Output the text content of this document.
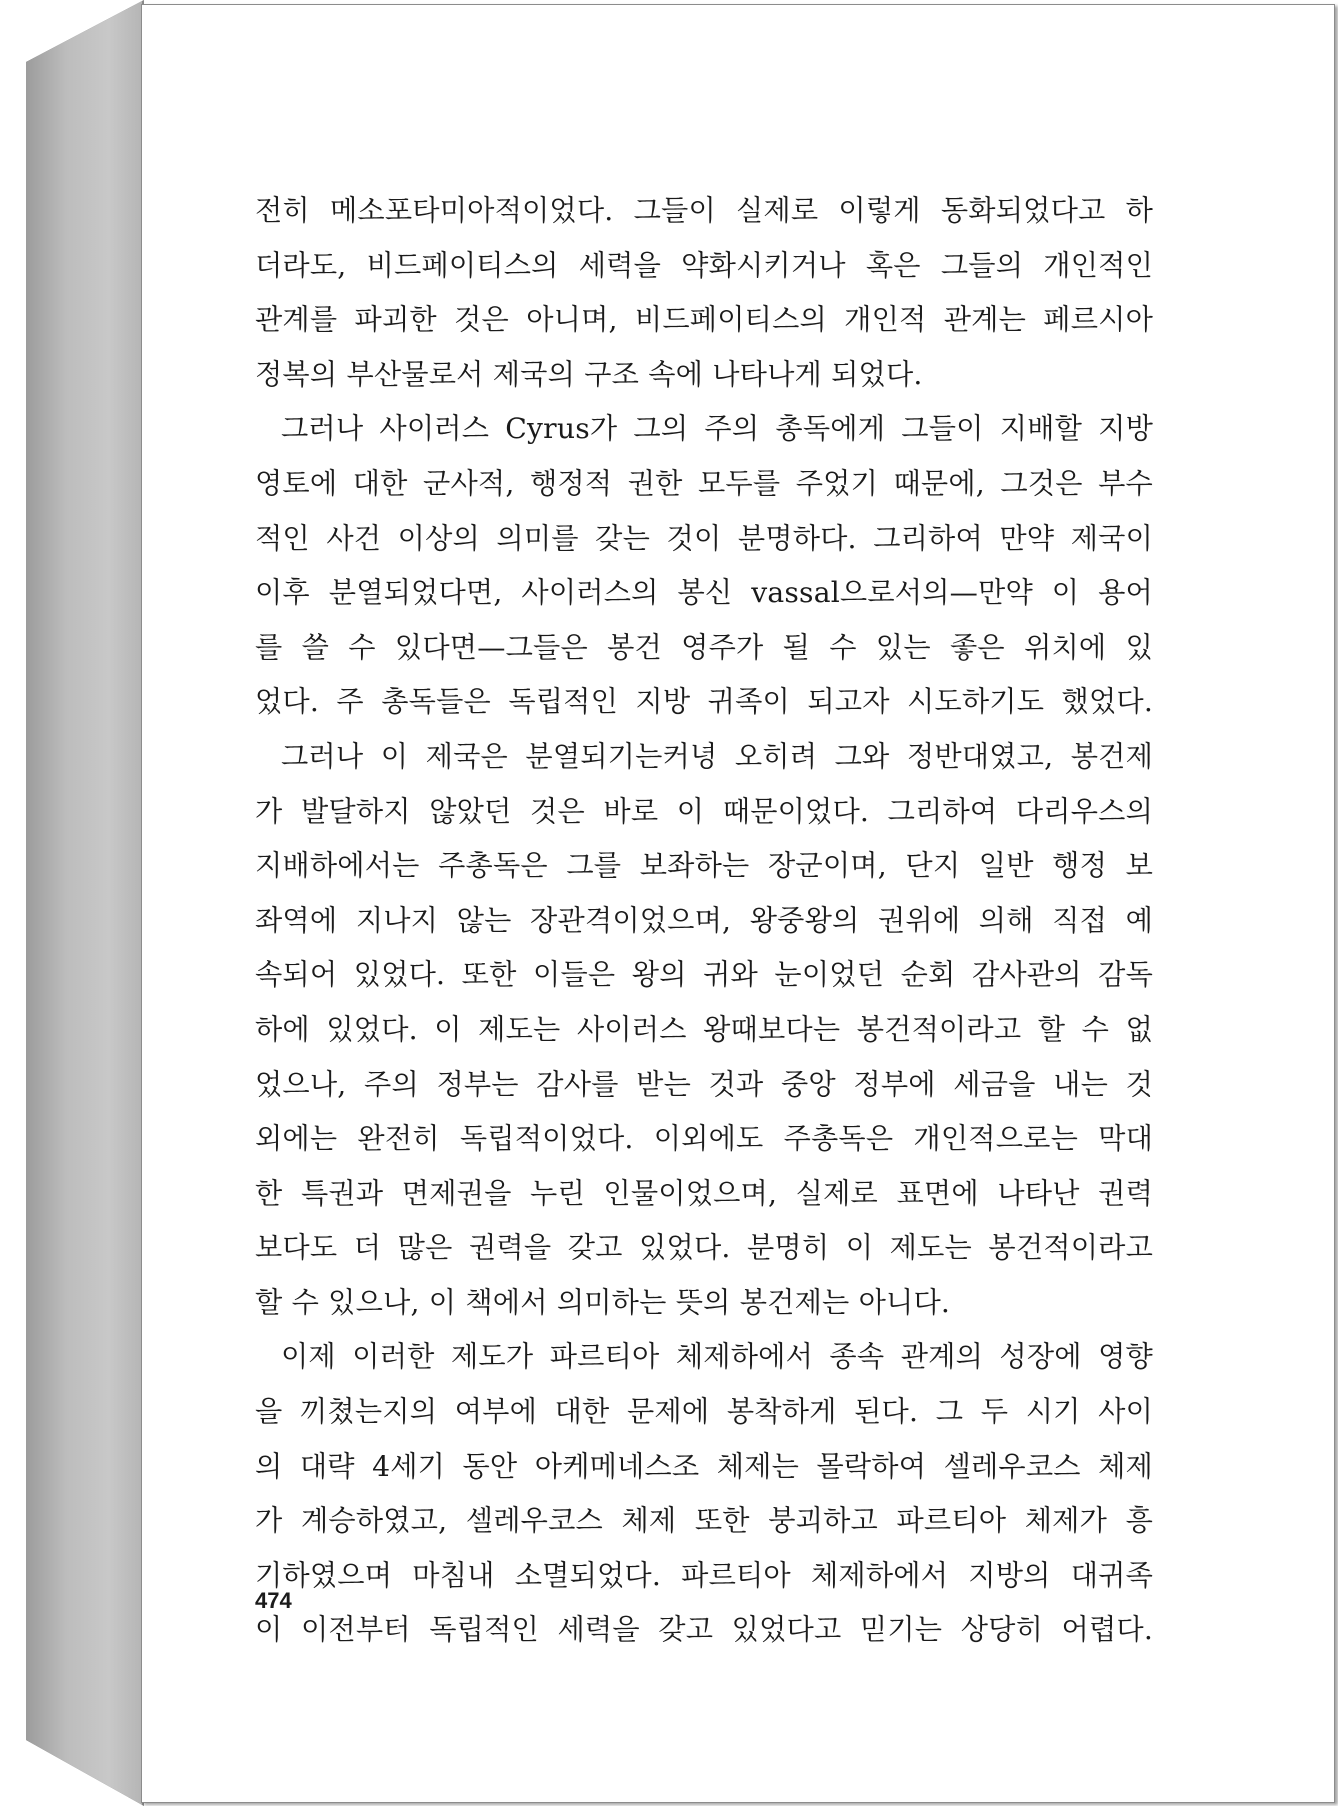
전히 메소포타미아적이었다. 그들이 실제로 이렇게 동화되었다고 하
더라도, 비드페이티스의 세력을 약화시키거나 혹은 그들의 개인적인
관계를 파괴한 것은 아니며, 비드페이티스의 개인적 관계는 페르시아
정복의 부산물로서 제국의 구조 속에 나타나게 되었다.
그러나 사이러스 Cyrus가 그의 주의 총독에게 그들이 지배할 지방
영토에 대한 군사적, 행정적 권한 모두를 주었기 때문에, 그것은 부수
적인 사건 이상의 의미를 갖는 것이 분명하다. 그리하여 만약 제국이
이후 분열되었다면, 사이러스의 봉신 vassal으로서의—만약 이 용어
를 쓸 수 있다면—그들은 봉건 영주가 될 수 있는 좋은 위치에 있
었다. 주 총독들은 독립적인 지방 귀족이 되고자 시도하기도 했었다.
그러나 이 제국은 분열되기는커녕 오히려 그와 정반대였고, 봉건제
가 발달하지 않았던 것은 바로 이 때문이었다. 그리하여 다리우스의
지배하에서는 주총독은 그를 보좌하는 장군이며, 단지 일반 행정 보
좌역에 지나지 않는 장관격이었으며, 왕중왕의 권위에 의해 직접 예
속되어 있었다. 또한 이들은 왕의 귀와 눈이었던 순회 감사관의 감독
하에 있었다. 이 제도는 사이러스 왕때보다는 봉건적이라고 할 수 없
었으나, 주의 정부는 감사를 받는 것과 중앙 정부에 세금을 내는 것
외에는 완전히 독립적이었다. 이외에도 주총독은 개인적으로는 막대
한 특권과 면제권을 누린 인물이었으며, 실제로 표면에 나타난 권력
보다도 더 많은 권력을 갖고 있었다. 분명히 이 제도는 봉건적이라고
할 수 있으나, 이 책에서 의미하는 뜻의 봉건제는 아니다.
이제 이러한 제도가 파르티아 체제하에서 종속 관계의 성장에 영향
을 끼쳤는지의 여부에 대한 문제에 봉착하게 된다. 그 두 시기 사이
의 대략 4세기 동안 아케메네스조 체제는 몰락하여 셀레우코스 체제
가 계승하였고, 셀레우코스 체제 또한 붕괴하고 파르티아 체제가 흥
기하였으며 마침내 소멸되었다. 파르티아 체제하에서 지방의 대귀족
이 이전부터 독립적인 세력을 갖고 있었다고 믿기는 상당히 어렵다.
474
